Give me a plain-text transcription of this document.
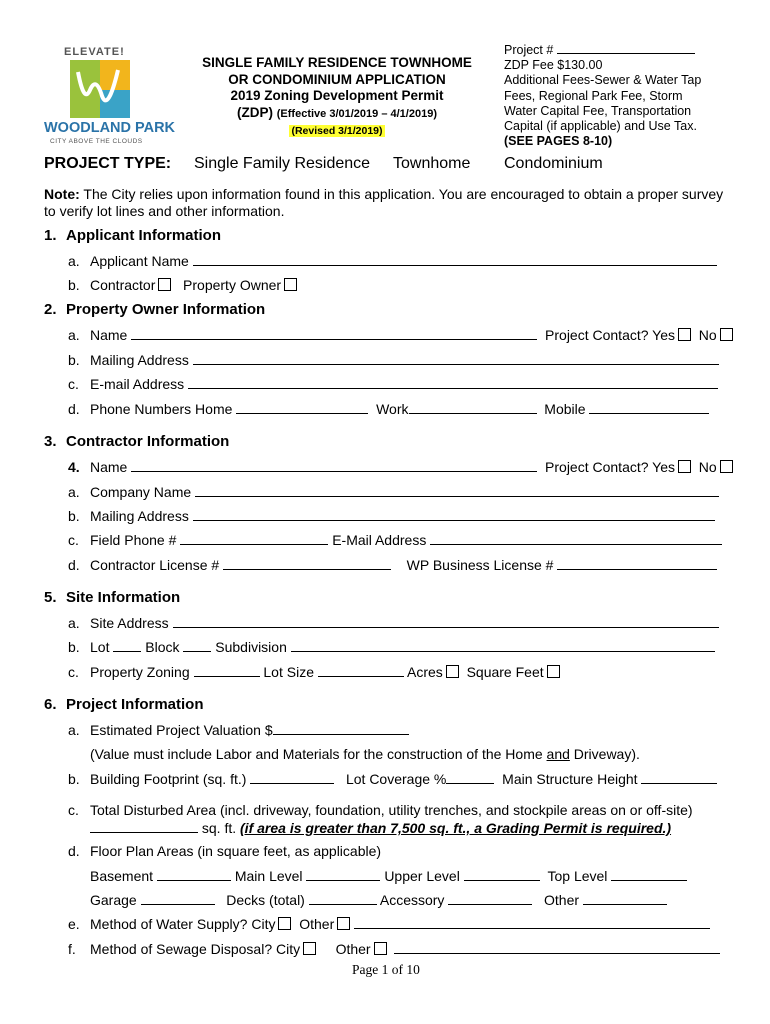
ELEVATE!
WOODLAND PARK
CITY ABOVE THE CLOUDS
SINGLE FAMILY RESIDENCE TOWNHOME
OR CONDOMINIUM APPLICATION
2019 Zoning Development Permit
(ZDP) (Effective 3/01/2019 – 4/1/2019)
(Revised 3/1/2019)
Project #
ZDP Fee $130.00
Additional Fees-Sewer & Water Tap
Fees, Regional Park Fee, Storm
Water Capital Fee, Transportation
Capital (if applicable) and Use Tax.
(SEE PAGES 8-10)
PROJECT TYPE: Single Family Residence Townhome Condominium
Note: The City relies upon information found in this application. You are encouraged to obtain a proper survey
to verify lot lines and other information.
1. Applicant Information
a. Applicant Name
b. Contractor Property Owner
2. Property Owner Information
a. Name	Project Contact? Yes No
b. Mailing Address
c. E-mail Address
d. Phone Numbers Home	Work	Mobile
3. Contractor Information
4. Name	Project Contact? Yes No
a. Company Name
b. Mailing Address
c. Field Phone #	E-Mail Address
d. Contractor License #	WP Business License #
5. Site Information
a. Site Address
b. Lot	Block	Subdivision
c. Property Zoning	Lot Size	Acres Square Feet
6. Project Information
a. Estimated Project Valuation $
(Value must include Labor and Materials for the construction of the Home and Driveway).
b. Building Footprint (sq. ft.)	Lot Coverage %	Main Structure Height
c. Total Disturbed Area (incl. driveway, foundation, utility trenches, and stockpile areas on or off-site)
sq. ft. (if area is greater than 7,500 sq. ft., a Grading Permit is required.)
d. Floor Plan Areas (in square feet, as applicable)
Basement	Main Level	Upper Level	Top Level
Garage	Decks (total)	Accessory	Other
e. Method of Water Supply? City Other
f. Method of Sewage Disposal? City	Other
Page 1 of 10
